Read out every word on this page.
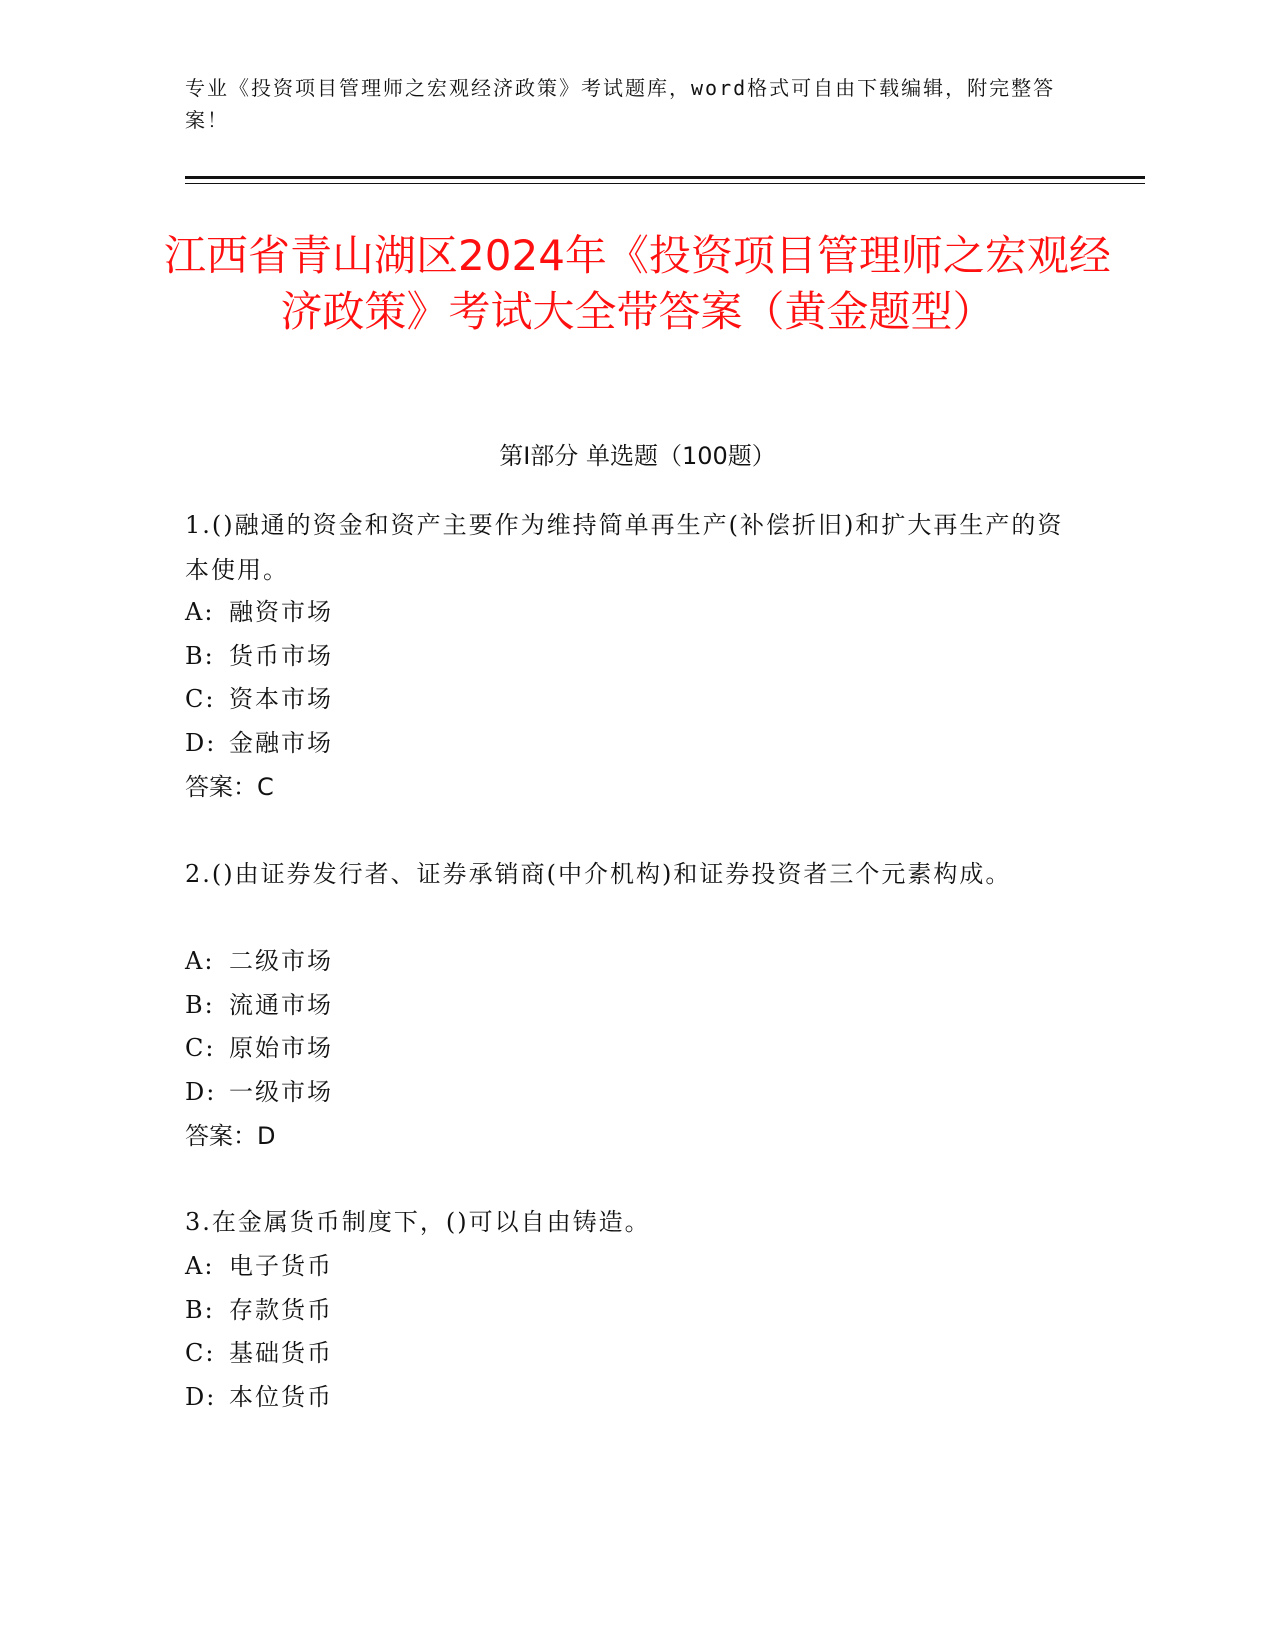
专业《投资项目管理师之宏观经济政策》考试题库，word格式可自由下载编辑，附完整答案！
江西省青山湖区2024年《投资项目管理师之宏观经济政策》考试大全带答案（黄金题型）
第Ⅰ部分 单选题（100题）
1.()融通的资金和资产主要作为维持简单再生产(补偿折旧)和扩大再生产的资本使用。
A: 融资市场
B: 货币市场
C: 资本市场
D: 金融市场
答案：C
2.()由证券发行者、证券承销商(中介机构)和证券投资者三个元素构成。
A: 二级市场
B: 流通市场
C: 原始市场
D: 一级市场
答案：D
3.在金属货币制度下，()可以自由铸造。
A: 电子货币
B: 存款货币
C: 基础货币
D: 本位货币
